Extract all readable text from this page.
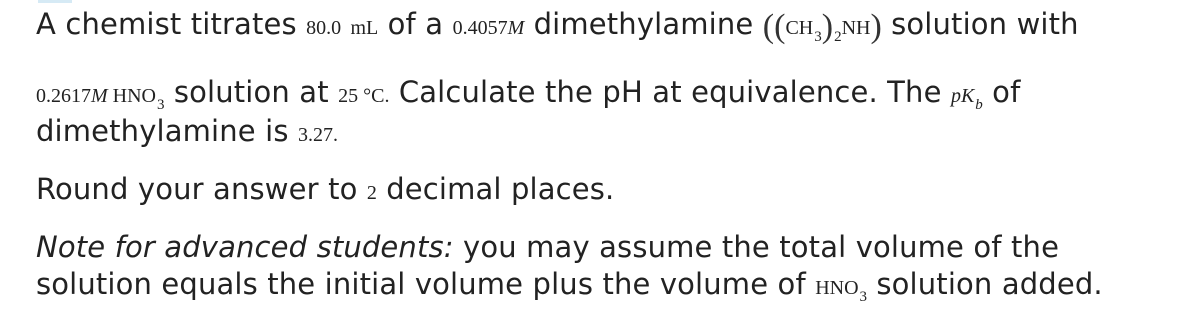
A chemist titrates 80.0 mL of a 0.4057M dimethylamine $((CH_3)_2NH)$ solution with
0.2617M $HNO_3$ solution at 25 °C. Calculate the pH at equivalence. The $pK_b$ of
dimethylamine is 3.27.
Round your answer to 2 decimal places.
Note for advanced students: you may assume the total volume of the
solution equals the initial volume plus the volume of $HNO_3$ solution added.
